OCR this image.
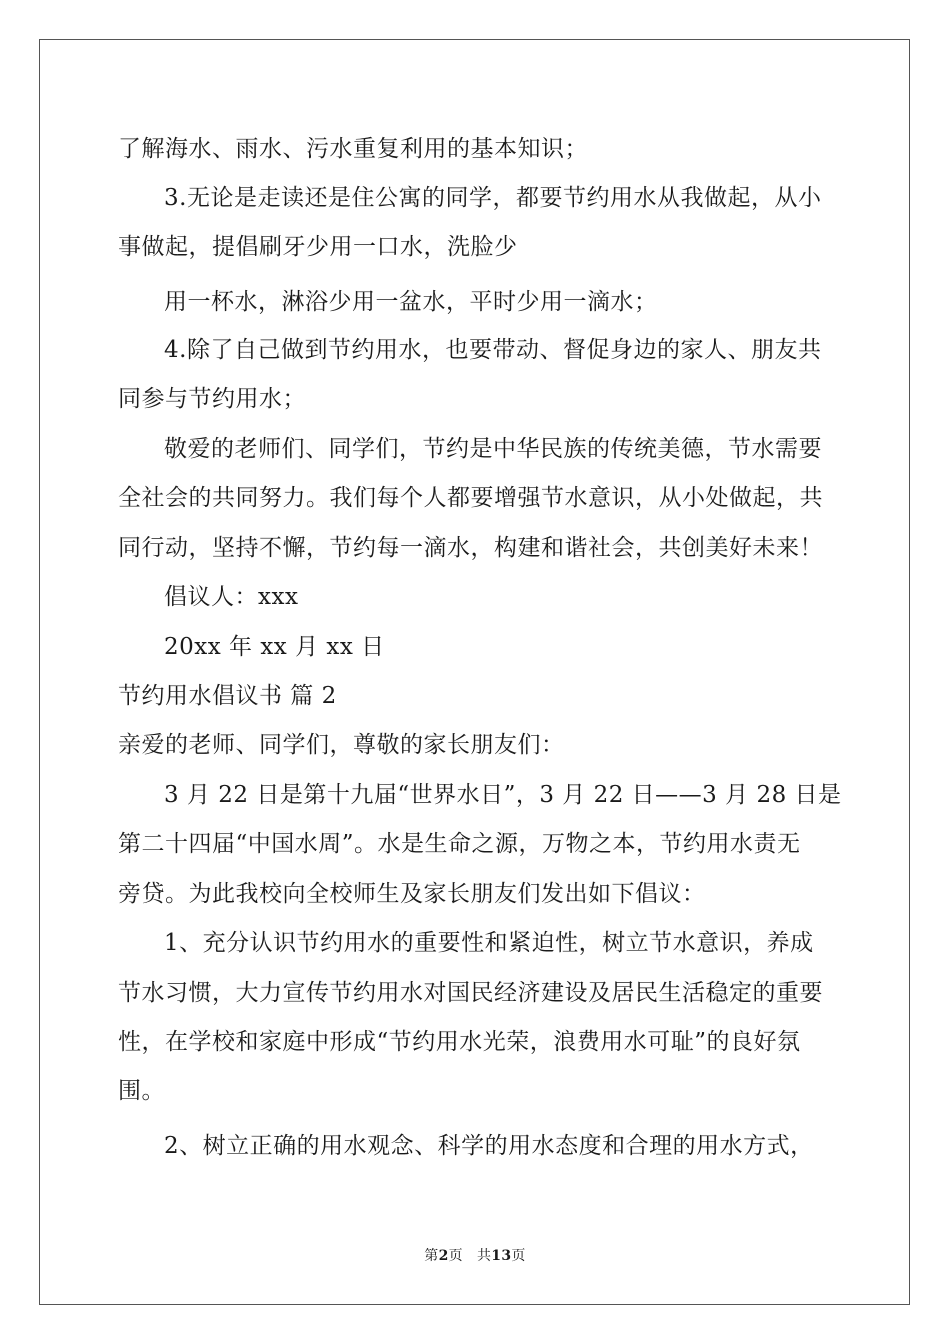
了解海水、雨水、污水重复利用的基本知识；
3.无论是走读还是住公寓的同学，都要节约用水从我做起，从小
事做起，提倡刷牙少用一口水，洗脸少
用一杯水，淋浴少用一盆水，平时少用一滴水；
4.除了自己做到节约用水，也要带动、督促身边的家人、朋友共
同参与节约用水；
敬爱的老师们、同学们，节约是中华民族的传统美德，节水需要
全社会的共同努力。我们每个人都要增强节水意识，从小处做起，共
同行动，坚持不懈，节约每一滴水，构建和谐社会，共创美好未来！
倡议人：xxx
20xx 年 xx 月 xx 日
节约用水倡议书 篇 2
亲爱的老师、同学们，尊敬的家长朋友们：
3 月 22 日是第十九届“世界水日”，3 月 22 日——3 月 28 日是
第二十四届“中国水周”。水是生命之源，万物之本，节约用水责无
旁贷。为此我校向全校师生及家长朋友们发出如下倡议：
1、充分认识节约用水的重要性和紧迫性，树立节水意识，养成
节水习惯，大力宣传节约用水对国民经济建设及居民生活稳定的重要
性，在学校和家庭中形成“节约用水光荣，浪费用水可耻”的良好氛
围。
2、树立正确的用水观念、科学的用水态度和合理的用水方式，
第2页 共13页
